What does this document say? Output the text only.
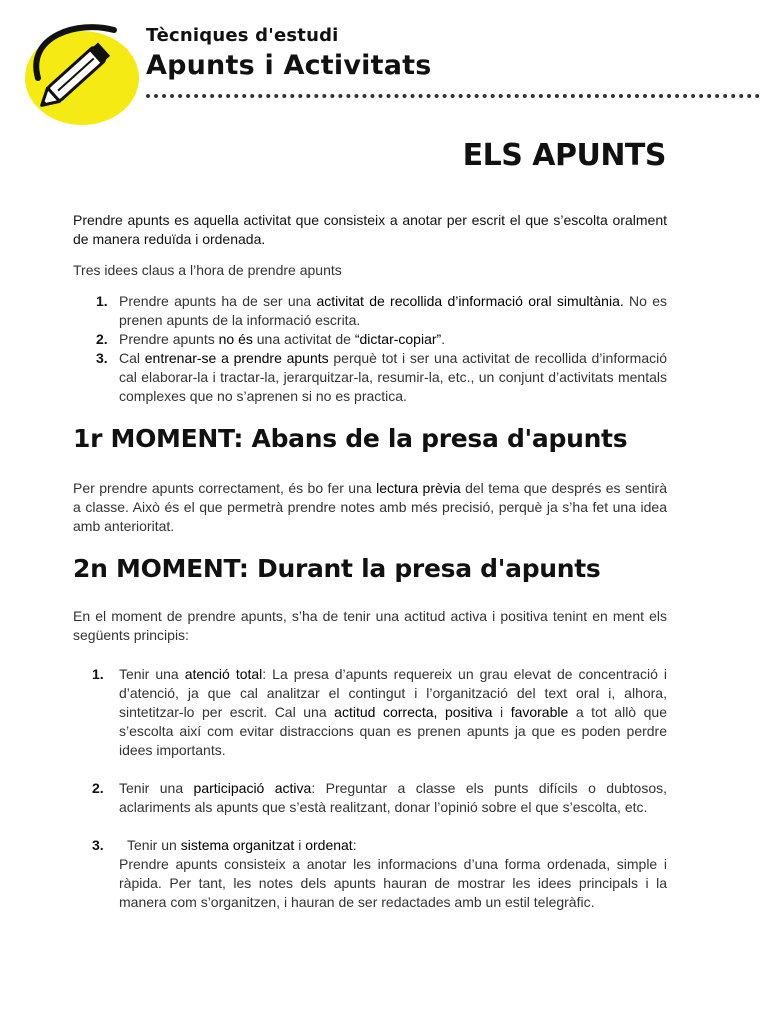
Tècniques d'estudi
Apunts i Activitats
ELS APUNTS

Prendre apunts es aquella activitat que consisteix a anotar per escrit el que s’escolta oralment de manera reduïda i ordenada.

Tres idees claus a l’hora de prendre apunts

1. Prendre apunts ha de ser una activitat de recollida d’informació oral simultània. No es prenen apunts de la informació escrita.
2. Prendre apunts no és una activitat de “dictar-copiar”.
3. Cal entrenar-se a prendre apunts perquè tot i ser una activitat de recollida d’informació cal elaborar-la i tractar-la, jerarquitzar-la, resumir-la, etc., un conjunt d’activitats mentals complexes que no s’aprenen si no es practica.
1r MOMENT: Abans de la presa d'apunts

Per prendre apunts correctament, és bo fer una lectura prèvia del tema que després es sentirà a classe. Això és el que permetrà prendre notes amb més precisió, perquè ja s’ha fet una idea amb anterioritat.

2n MOMENT: Durant la presa d'apunts

En el moment de prendre apunts, s’ha de tenir una actitud activa i positiva tenint en ment els següents principis:

1. Tenir una atenció total: La presa d’apunts requereix un grau elevat de concentració i d’atenció, ja que cal analitzar el contingut i l’organització del text oral i, alhora, sintetitzar-lo per escrit. Cal una actitud correcta, positiva i favorable a tot allò que s’escolta així com evitar distraccions quan es prenen apunts ja que es poden perdre idees importants.
2. Tenir una participació activa: Preguntar a classe els punts difícils o dubtosos, aclariments als apunts que s’està realitzant, donar l’opinió sobre el que s’escolta, etc.
3. Tenir un sistema organitzat i ordenat:
Prendre apunts consisteix a anotar les informacions d’una forma ordenada, simple i ràpida. Per tant, les notes dels apunts hauran de mostrar les idees principals i la manera com s’organitzen, i hauran de ser redactades amb un estil telegràfic.
